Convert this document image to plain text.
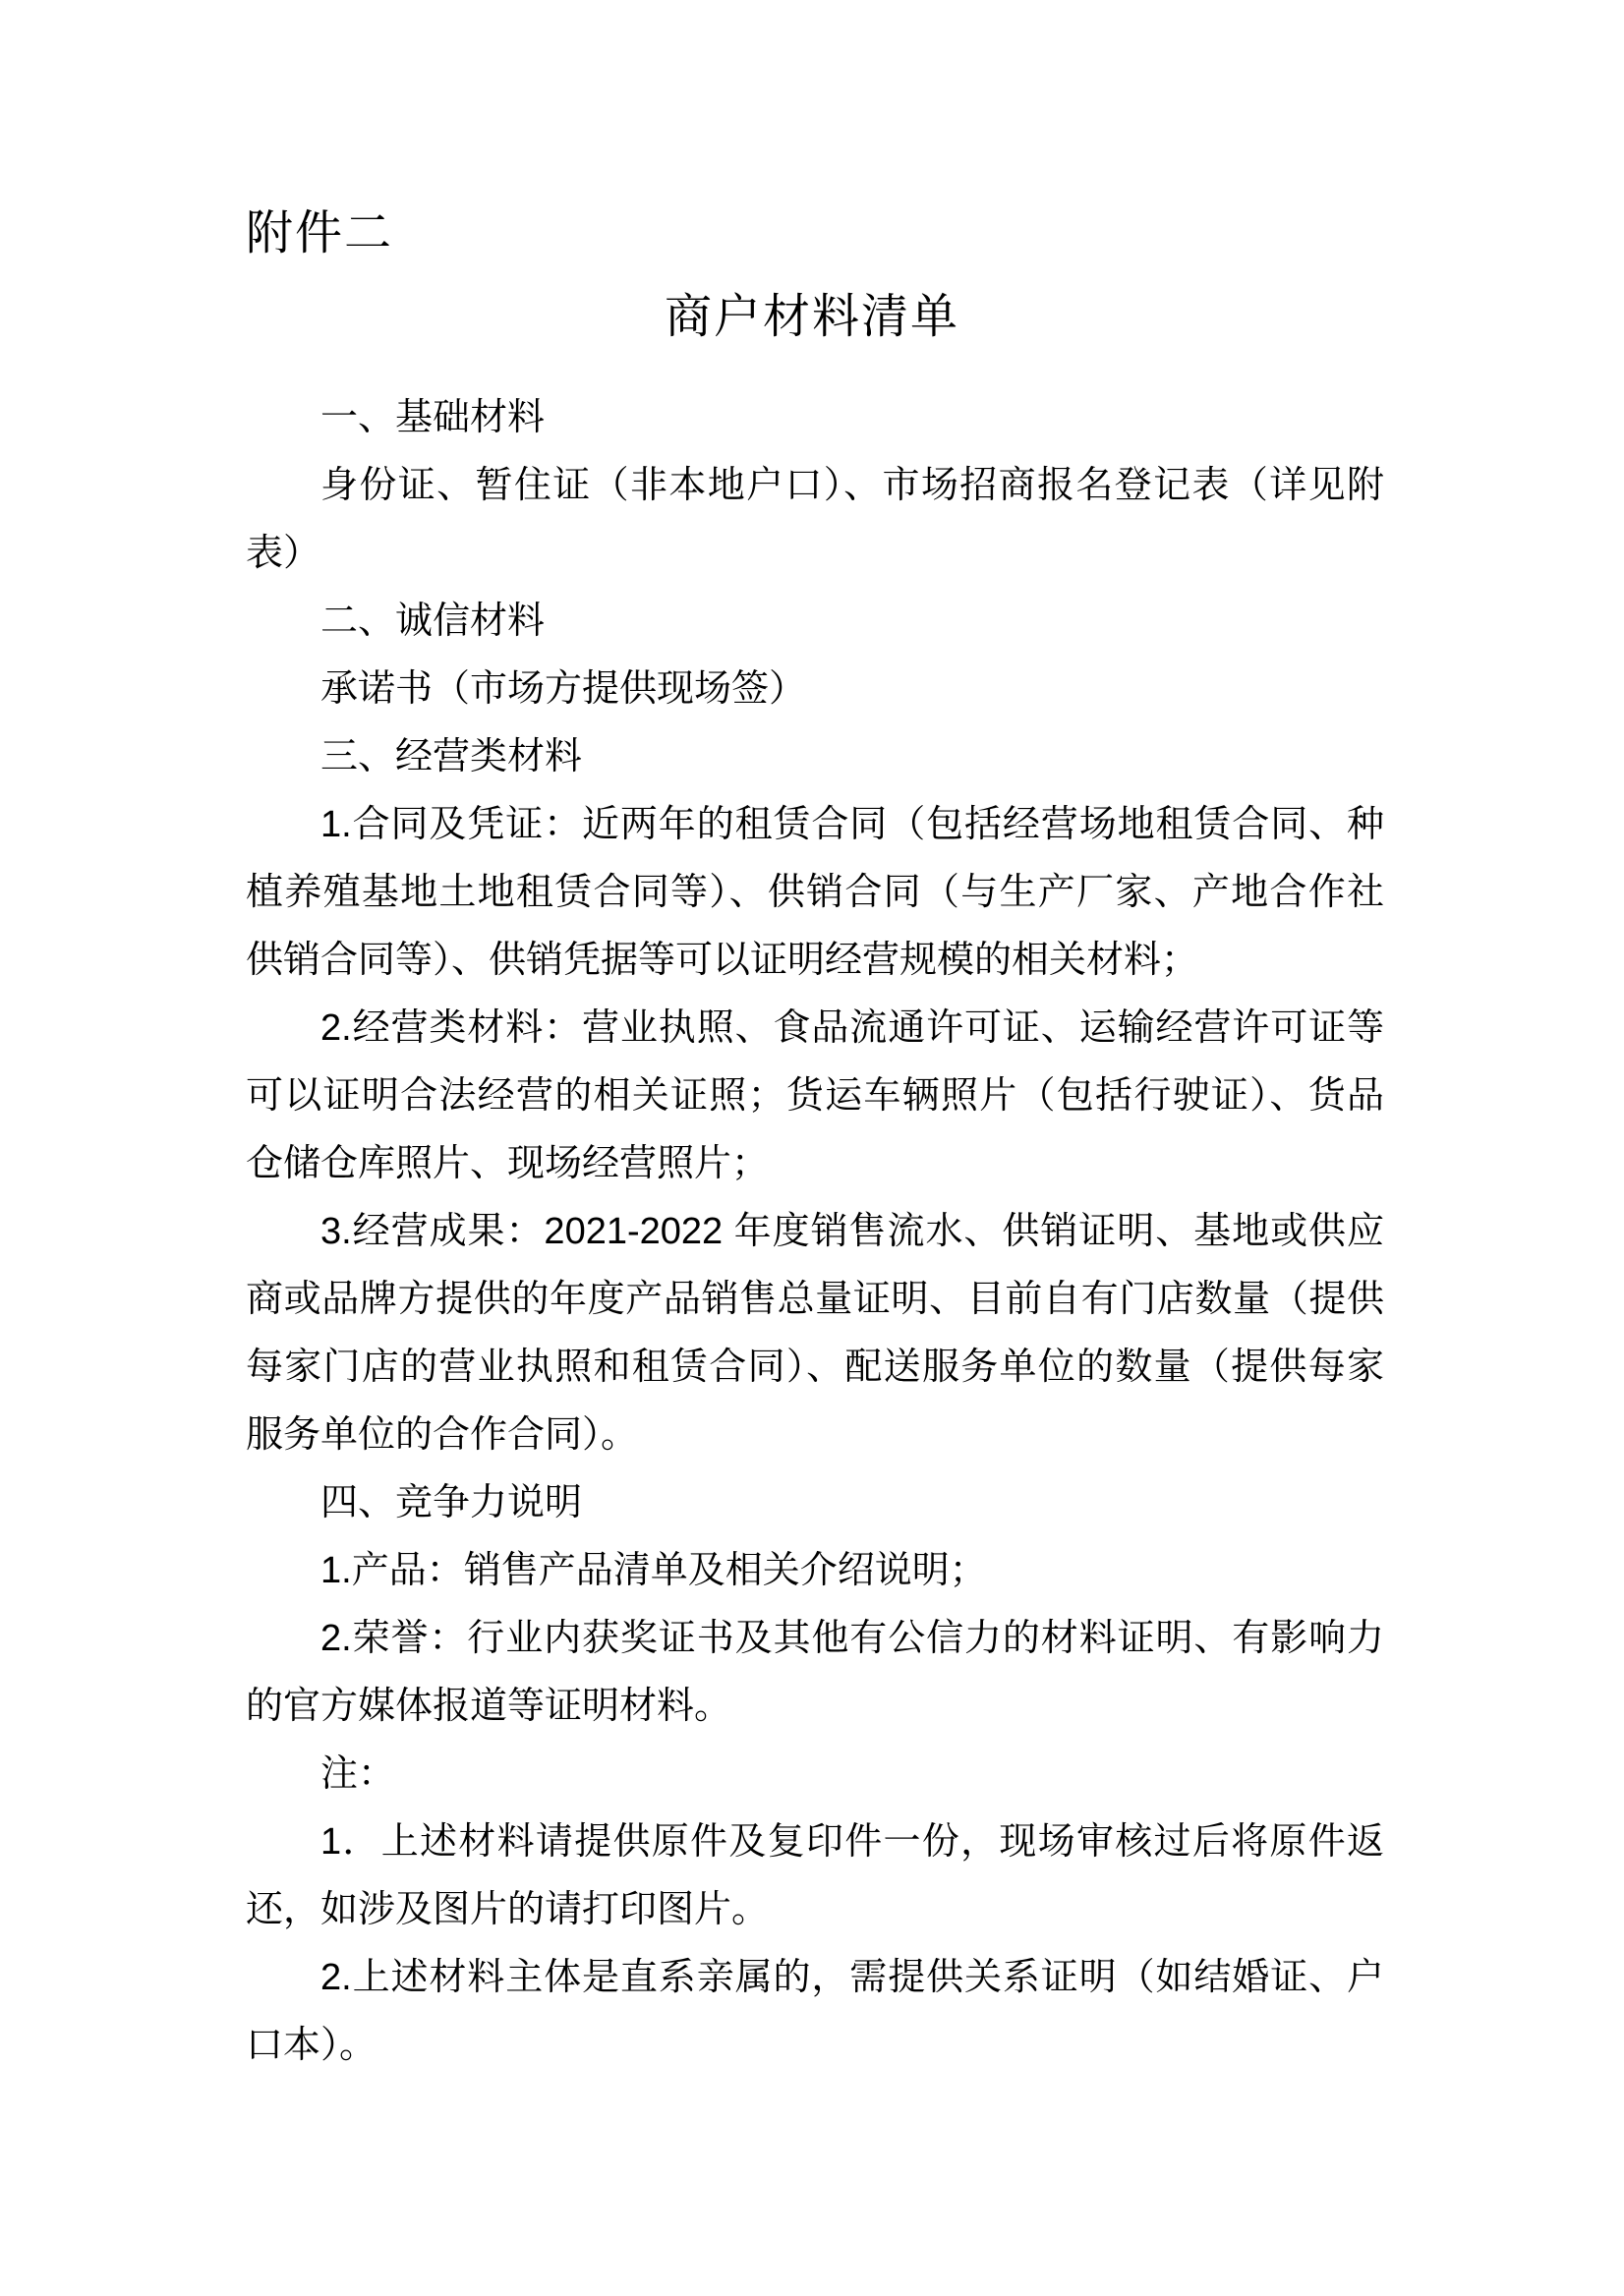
附件二
商户材料清单
一、基础材料
身份证、暂住证（非本地户口）、市场招商报名登记表（详见附
表）
二、诚信材料
承诺书（市场方提供现场签）
三、经营类材料
1.合同及凭证：近两年的租赁合同（包括经营场地租赁合同、种
植养殖基地土地租赁合同等）、供销合同（与生产厂家、产地合作社
供销合同等）、供销凭据等可以证明经营规模的相关材料；
2.经营类材料：营业执照、食品流通许可证、运输经营许可证等
可以证明合法经营的相关证照；货运车辆照片（包括行驶证）、货品
仓储仓库照片、现场经营照片；
3.经营成果：2021-2022 年度销售流水、供销证明、基地或供应
商或品牌方提供的年度产品销售总量证明、目前自有门店数量（提供
每家门店的营业执照和租赁合同）、配送服务单位的数量（提供每家
服务单位的合作合同）。
四、竞争力说明
1.产品：销售产品清单及相关介绍说明；
2.荣誉：行业内获奖证书及其他有公信力的材料证明、有影响力
的官方媒体报道等证明材料。
注：
1．上述材料请提供原件及复印件一份，现场审核过后将原件返
还，如涉及图片的请打印图片。
2.上述材料主体是直系亲属的，需提供关系证明（如结婚证、户
口本）。
